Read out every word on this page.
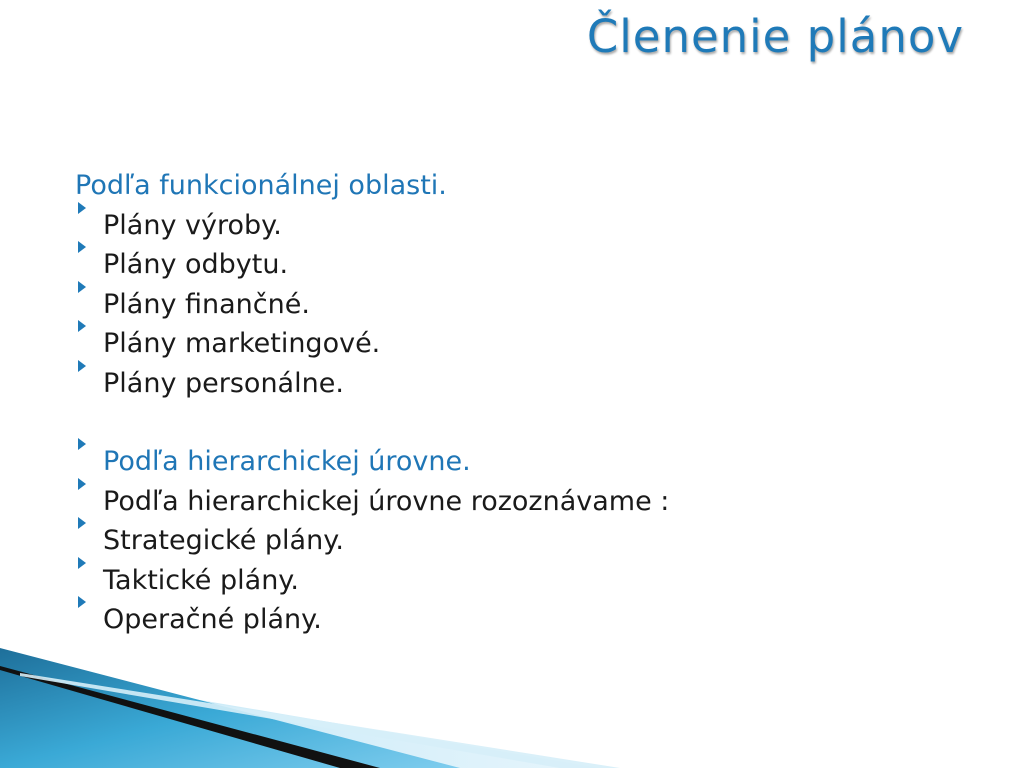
Členenie plánov
Podľa funkcionálnej oblasti.
Plány výroby.
Plány odbytu.
Plány finančné.
Plány marketingové.
Plány personálne.
Podľa hierarchickej úrovne.
Podľa hierarchickej úrovne rozoznávame :
Strategické plány.
Taktické plány.
Operačné plány.
